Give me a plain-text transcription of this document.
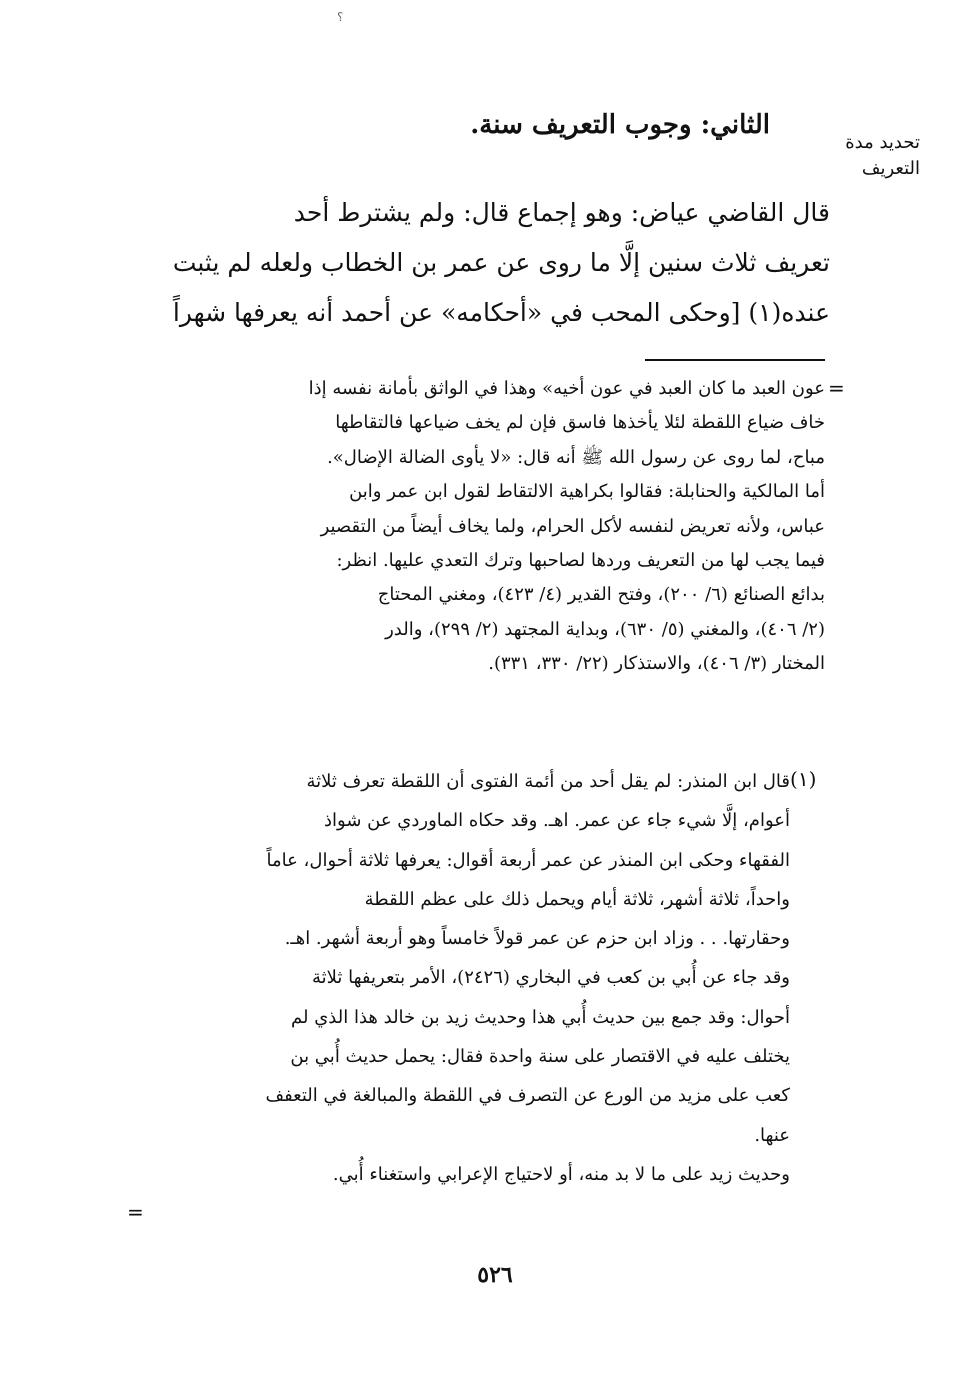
؟
الثاني: وجوب التعريف سنة.
تحديد مدة
التعريف
قال القاضي عياض: وهو إجماع قال: ولم يشترط أحد
تعريف ثلاث سنين إلَّا ما روى عن عمر بن الخطاب ولعله لم يثبت
عنده(١) [وحكى المحب في «أحكامه» عن أحمد أنه يعرفها شهراً
=
عون العبد ما كان العبد في عون أخيه» وهذا في الواثق بأمانة نفسه إذا
خاف ضياع اللقطة لئلا يأخذها فاسق فإن لم يخف ضياعها فالتقاطها
مباح، لما روى عن رسول الله ﷺ أنه قال: «لا يأوى الضالة الإضال».
أما المالكية والحنابلة: فقالوا بكراهية الالتقاط لقول ابن عمر وابن
عباس، ولأنه تعريض لنفسه لأكل الحرام، ولما يخاف أيضاً من التقصير
فيما يجب لها من التعريف وردها لصاحبها وترك التعدي عليها. انظر:
بدائع الصنائع (٦/ ٢٠٠)، وفتح القدير (٤/ ٤٢٣)، ومغني المحتاج
(٢/ ٤٠٦)، والمغني (٥/ ٦٣٠)، وبداية المجتهد (٢/ ٢٩٩)، والدر
المختار (٣/ ٤٠٦)، والاستذكار (٢٢/ ٣٣٠، ٣٣١).
(١)
قال ابن المنذر: لم يقل أحد من أئمة الفتوى أن اللقطة تعرف ثلاثة
أعوام، إلَّا شيء جاء عن عمر. اهـ. وقد حكاه الماوردي عن شواذ
الفقهاء وحكى ابن المنذر عن عمر أربعة أقوال: يعرفها ثلاثة أحوال، عاماً
واحداً، ثلاثة أشهر، ثلاثة أيام ويحمل ذلك على عظم اللقطة
وحقارتها. . . وزاد ابن حزم عن عمر قولاً خامساً وهو أربعة أشهر. اهـ.
وقد جاء عن أُبي بن كعب في البخاري (٢٤٢٦)، الأمر بتعريفها ثلاثة
أحوال: وقد جمع بين حديث أُبي هذا وحديث زيد بن خالد هذا الذي لم
يختلف عليه في الاقتصار على سنة واحدة فقال: يحمل حديث أُبي بن
كعب على مزيد من الورع عن التصرف في اللقطة والمبالغة في التعفف
عنها.
وحديث زيد على ما لا بد منه، أو لاحتياج الإعرابي واستغناء أُبي.
=
٥٢٦
